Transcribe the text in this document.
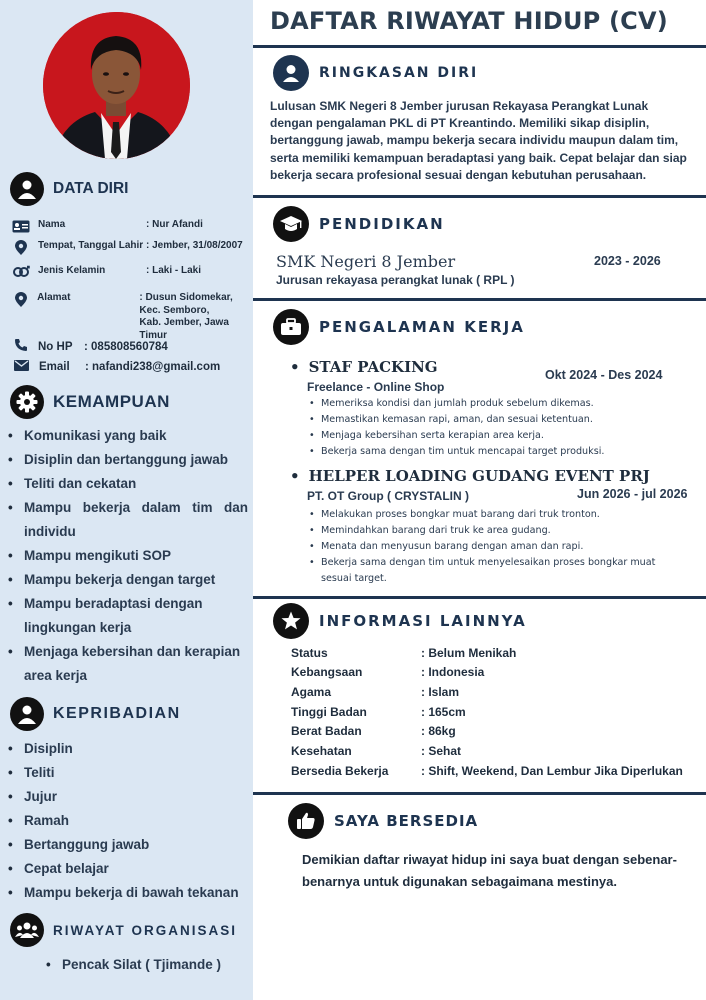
DATA DIRI
Nama	: Nur Afandi
Tempat, Tanggal Lahir : Jember, 31/08/2007
Jenis Kelamin	: Laki - Laki
Alamat	: Dusun Sidomekar,
Kec. Semboro,
Kab. Jember, Jawa Timur
No HP	: 085808560784
Email	: nafandi238@gmail.com
KEMAMPUAN
• Komunikasi yang baik
• Disiplin dan bertanggung jawab
• Teliti dan cekatan
• Mampu bekerja dalam tim dan individu
• Mampu mengikuti SOP
• Mampu bekerja dengan target
• Mampu beradaptasi dengan lingkungan kerja
• Menjaga kebersihan dan kerapian area kerja
KEPRIBADIAN
• Disiplin
• Teliti
• Jujur
• Ramah
• Bertanggung jawab
• Cepat belajar
• Mampu bekerja di bawah tekanan
RIWAYAT ORGANISASI
• Pencak Silat ( Tjimande )
DAFTAR RIWAYAT HIDUP (CV)
RINGKASAN DIRI
Lulusan SMK Negeri 8 Jember jurusan Rekayasa Perangkat Lunak dengan pengalaman PKL di PT Kreantindo. Memiliki sikap disiplin, bertanggung jawab, mampu bekerja secara individu maupun dalam tim, serta memiliki kemampuan beradaptasi yang baik. Cepat belajar dan siap bekerja secara profesional sesuai dengan kebutuhan perusahaan.
PENDIDIKAN
SMK Negeri 8 Jember	2023 - 2026
Jurusan rekayasa perangkat lunak ( RPL )
PENGALAMAN KERJA
• STAF PACKING	Okt 2024 - Des 2024
Freelance - Online Shop
• Memeriksa kondisi dan jumlah produk sebelum dikemas.
• Memastikan kemasan rapi, aman, dan sesuai ketentuan.
• Menjaga kebersihan serta kerapian area kerja.
• Bekerja sama dengan tim untuk mencapai target produksi.
• HELPER LOADING GUDANG EVENT PRJ
Jun 2026 - jul 2026
PT. OT Group ( CRYSTALIN )
• Melakukan proses bongkar muat barang dari truk tronton.
• Memindahkan barang dari truk ke area gudang.
• Menata dan menyusun barang dengan aman dan rapi.
• Bekerja sama dengan tim untuk menyelesaikan proses bongkar muat sesuai target.
INFORMASI LAINNYA
Status	: Belum Menikah
Kebangsaan	: Indonesia
Agama	: Islam
Tinggi Badan	: 165cm
Berat Badan	: 86kg
Kesehatan	: Sehat
Bersedia Bekerja	: Shift, Weekend, Dan Lembur Jika Diperlukan
SAYA BERSEDIA
Demikian daftar riwayat hidup ini saya buat dengan sebenar-benarnya untuk digunakan sebagaimana mestinya.
